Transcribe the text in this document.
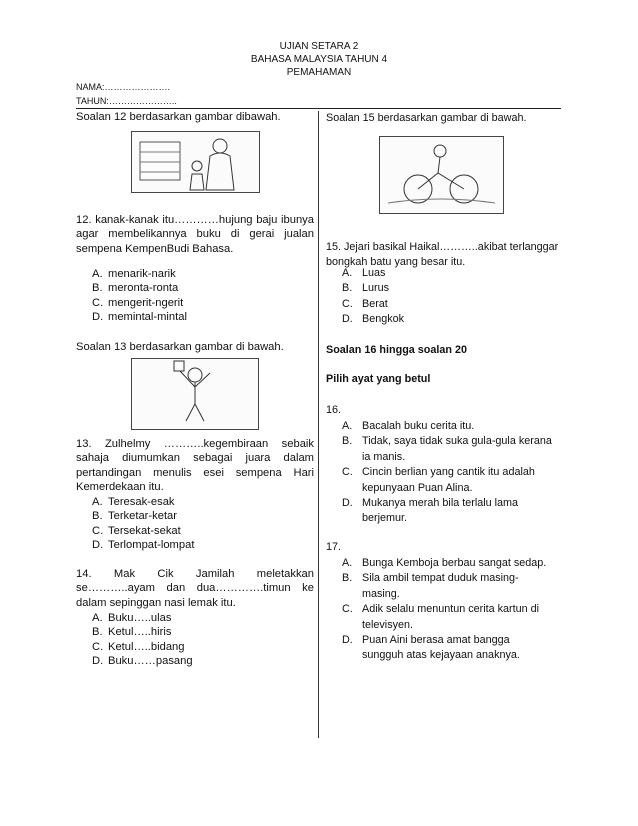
UJIAN SETARA 2
BAHASA MALAYSIA TAHUN 4
PEMAHAMAN
NAMA:………………….
TAHUN:…………………..
Soalan 12 berdasarkan gambar dibawah.
12. kanak-kanak itu…………hujung baju ibunya agar membelikannya buku di gerai jualan sempena KempenBudi Bahasa.
A. menarik-narik
B. meronta-ronta
C. mengerit-ngerit
D. memintal-mintal
Soalan 13 berdasarkan gambar di bawah.
13. Zulhelmy ………..kegembiraan sebaik sahaja diumumkan sebagai juara dalam pertandingan menulis esei sempena Hari Kemerdekaan itu.
A. Teresak-esak
B. Terketar-ketar
C. Tersekat-sekat
D. Terlompat-lompat
14. Mak Cik Jamilah meletakkan se………..ayam dan dua………….timun ke dalam sepinggan nasi lemak itu.
A. Buku…..ulas
B. Ketul…..hiris
C. Ketul…..bidang
D. Buku……pasang
Soalan 15 berdasarkan gambar di bawah.
15. Jejari basikal Haikal………..akibat terlanggar bongkah batu yang besar itu.
A. Luas
B. Lurus
C. Berat
D. Bengkok
Soalan 16 hingga soalan 20
Pilih ayat yang betul
16.
A. Bacalah buku cerita itu.
B. Tidak, saya tidak suka gula-gula kerana ia manis.
C. Cincin berlian yang cantik itu adalah kepunyaan Puan Alina.
D. Mukanya merah bila terlalu lama berjemur.
17.
A. Bunga Kemboja berbau sangat sedap.
B. Sila ambil tempat duduk masing-masing.
C. Adik selalu menuntun cerita kartun di televisyen.
D. Puan Aini berasa amat bangga sungguh atas kejayaan anaknya.
